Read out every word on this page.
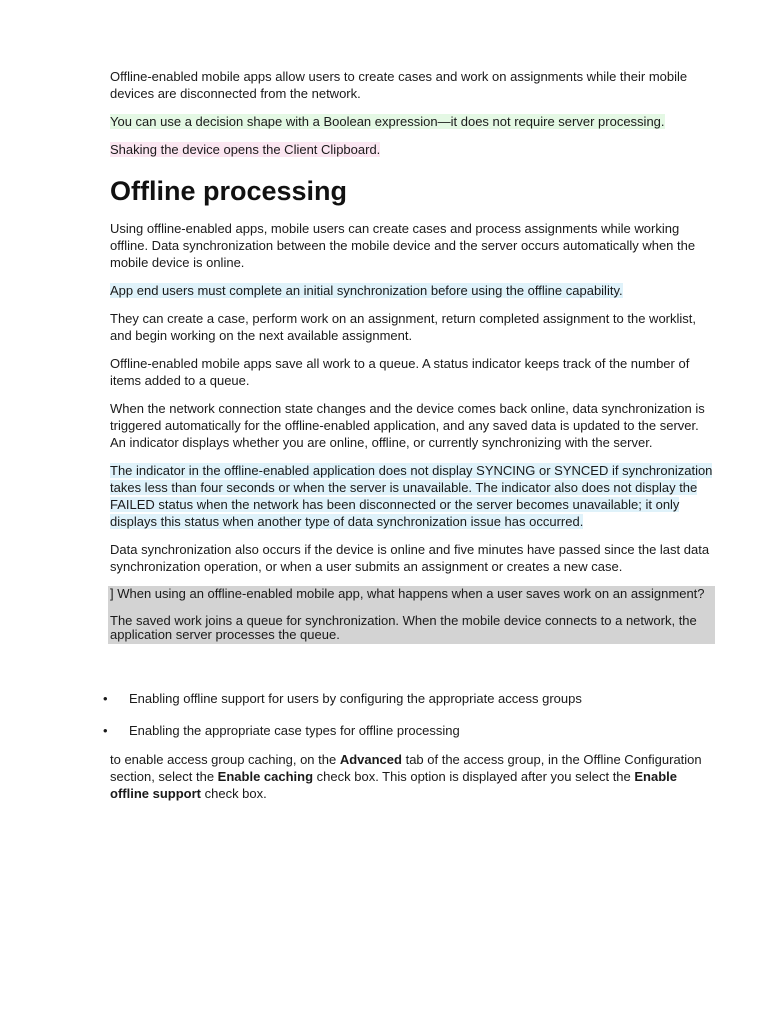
Offline-enabled mobile apps allow users to create cases and work on assignments while their mobile devices are disconnected from the network.

You can use a decision shape with a Boolean expression—it does not require server processing.

Shaking the device opens the Client Clipboard.

Offline processing

Using offline-enabled apps, mobile users can create cases and process assignments while working offline. Data synchronization between the mobile device and the server occurs automatically when the mobile device is online.

App end users must complete an initial synchronization before using the offline capability.

They can create a case, perform work on an assignment, return completed assignment to the worklist, and begin working on the next available assignment.

Offline-enabled mobile apps save all work to a queue. A status indicator keeps track of the number of items added to a queue.

When the network connection state changes and the device comes back online, data synchronization is triggered automatically for the offline-enabled application, and any saved data is updated to the server. An indicator displays whether you are online, offline, or currently synchronizing with the server.

The indicator in the offline-enabled application does not display SYNCING or SYNCED if synchronization takes less than four seconds or when the server is unavailable. The indicator also does not display the FAILED status when the network has been disconnected or the server becomes unavailable; it only displays this status when another type of data synchronization issue has occurred.

Data synchronization also occurs if the device is online and five minutes have passed since the last data synchronization operation, or when a user submits an assignment or creates a new case.

] When using an offline-enabled mobile app, what happens when a user saves work on an assignment?

The saved work joins a queue for synchronization. When the mobile device connects to a network, the application server processes the queue.

• Enabling offline support for users by configuring the appropriate access groups
• Enabling the appropriate case types for offline processing

to enable access group caching, on the Advanced tab of the access group, in the Offline Configuration section, select the Enable caching check box. This option is displayed after you select the Enable offline support check box.
